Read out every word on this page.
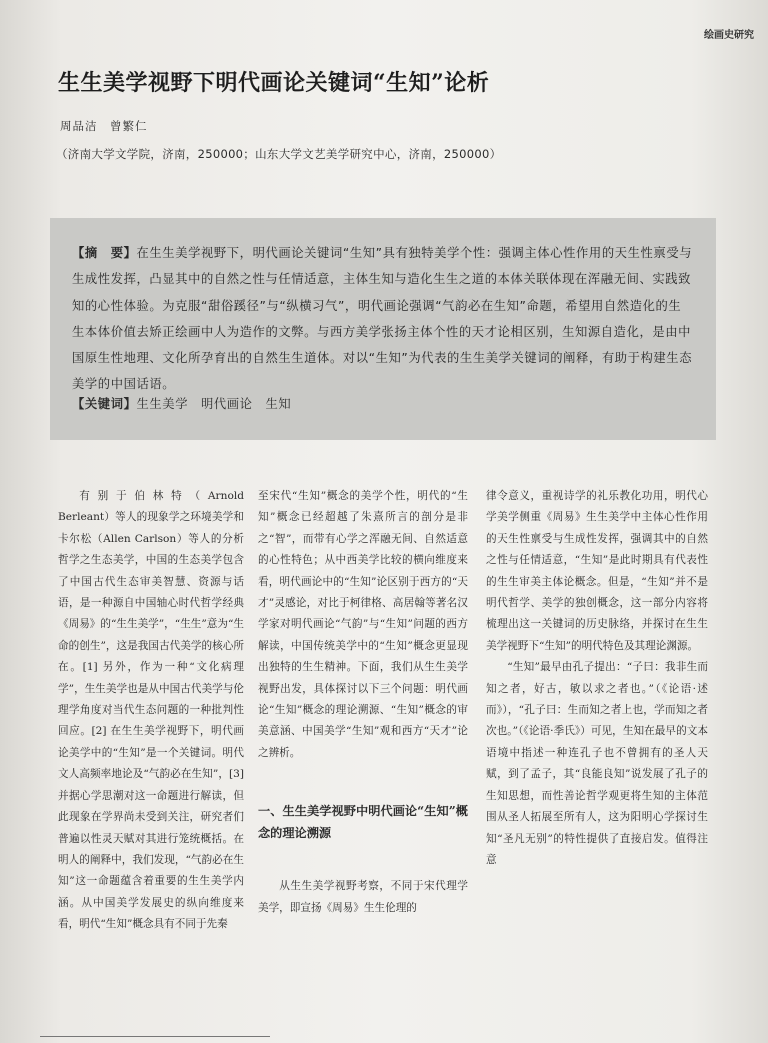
绘画史研究
生生美学视野下明代画论关键词“生知”论析
周品洁　曾繁仁
（济南大学文学院，济南，250000；山东大学文艺美学研究中心，济南，250000）

【摘　要】在生生美学视野下，明代画论关键词“生知”具有独特美学个性：强调主体心性作用的天生性禀受与生成性发挥，凸显其中的自然之性与任情适意，主体生知与造化生生之道的本体关联体现在浑融无间、实践致知的心性体验。为克服“甜俗蹊径”与“纵横习气”，明代画论强调“气韵必在生知”命题，希望用自然造化的生生本体价值去矫正绘画中人为造作的文弊。与西方美学张扬主体个性的天才论相区别，生知源自造化，是由中国原生性地理、文化所孕育出的自然生生道体。对以“生知”为代表的生生美学关键词的阐释，有助于构建生态美学的中国话语。

【关键词】生生美学　明代画论　生知

有别于伯林特（Arnold Berleant）等人的现象学之环境美学和卡尔松（Allen Carlson）等人的分析哲学之生态美学，中国的生态美学包含了中国古代生态审美智慧、资源与话语，是一种源自中国轴心时代哲学经典《周易》的“生生美学”，“生生”意为“生命的创生”，这是我国古代美学的核心所在。[1] 另外，作为一种“文化病理学”，生生美学也是从中国古代美学与伦理学角度对当代生态问题的一种批判性回应。[2] 在生生美学视野下，明代画论美学中的“生知”是一个关键词。明代文人高频率地论及“气韵必在生知”，[3] 并据心学思潮对这一命题进行解读，但此现象在学界尚未受到关注，研究者们普遍以性灵天赋对其进行笼统概括。在明人的阐释中，我们发现，“气韵必在生知”这一命题蕴含着重要的生生美学内涵。从中国美学发展史的纵向维度来看，明代“生知”概念具有不同于先秦

至宋代“生知”概念的美学个性，明代的“生知”概念已经超越了朱熹所言的剖分是非之“智”，而带有心学之浑融无间、自然适意的心性特色；从中西美学比较的横向维度来看，明代画论中的“生知”论区别于西方的“天才”灵感论，对比于柯律格、高居翰等著名汉学家对明代画论“气韵”与“生知”问题的西方解读，中国传统美学中的“生知”概念更显现出独特的生生精神。下面，我们从生生美学视野出发，具体探讨以下三个问题：明代画论“生知”概念的理论溯源、“生知”概念的审美意涵、中国美学“生知”观和西方“天才”论之辨析。

一、生生美学视野中明代画论“生知”概念的理论溯源

从生生美学视野考察，不同于宋代理学美学，即宣扬《周易》生生伦理的

律令意义，重视诗学的礼乐教化功用，明代心学美学侧重《周易》生生美学中主体心性作用的天生性禀受与生成性发挥，强调其中的自然之性与任情适意，“生知”是此时期具有代表性的生生审美主体论概念。但是，“生知”并不是明代哲学、美学的独创概念，这一部分内容将梳理出这一关键词的历史脉络，并探讨在生生美学视野下“生知”的明代特色及其理论渊源。

“生知”最早由孔子提出：“子曰：我非生而知之者，好古，敏以求之者也。”（《论语·述而》），“孔子曰：生而知之者上也，学而知之者次也。”（《论语·季氏》）可见，生知在最早的文本语境中指述一种连孔子也不曾拥有的圣人天赋，到了孟子，其“良能良知”说发展了孔子的生知思想，而性善论哲学观更将生知的主体范围从圣人拓展至所有人，这为阳明心学探讨生知“圣凡无别”的特性提供了直接启发。值得注意
